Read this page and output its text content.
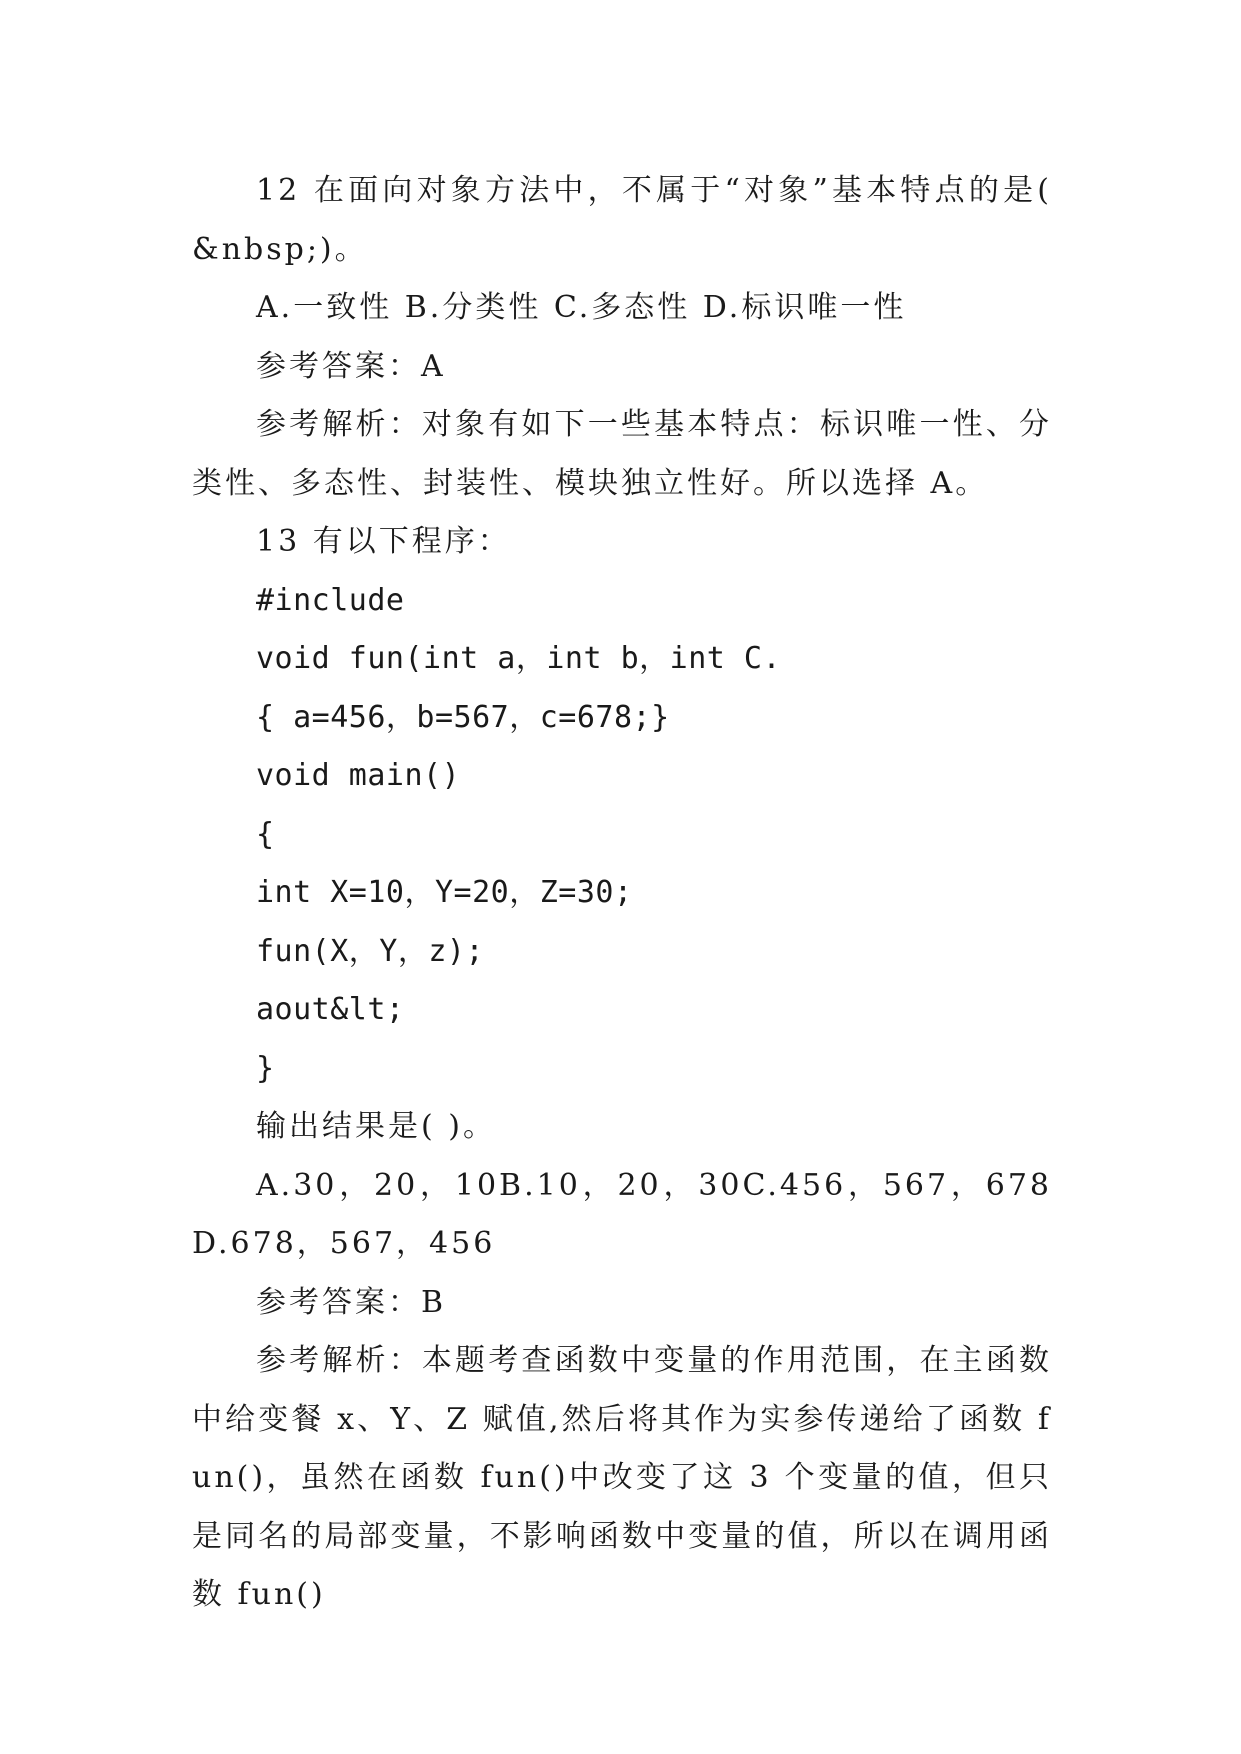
12 在面向对象方法中，不属于“对象”基本特点的是( &nbsp;)。

A.一致性 B.分类性 C.多态性 D.标识唯一性

参考答案：A

参考解析：对象有如下一些基本特点：标识唯一性、分类性、多态性、封装性、模块独立性好。所以选择 A。

13 有以下程序：

#include

void fun(int a，int b，int C.

{ a=456，b=567，c=678;}

void main()

{

int X=10，Y=20，Z=30;

fun(X，Y，z);

aout&lt;

}

输出结果是( )。

A.30，20，10B.10，20，30C.456，567，678D.678，567，456

参考答案：B

参考解析：本题考查函数中变量的作用范围，在主函数中给变餐 x、Y、Z 赋值,然后将其作为实参传递给了函数 fun()，虽然在函数 fun()中改变了这 3 个变量的值，但只是同名的局部变量，不影响函数中变量的值，所以在调用函数 fun()
